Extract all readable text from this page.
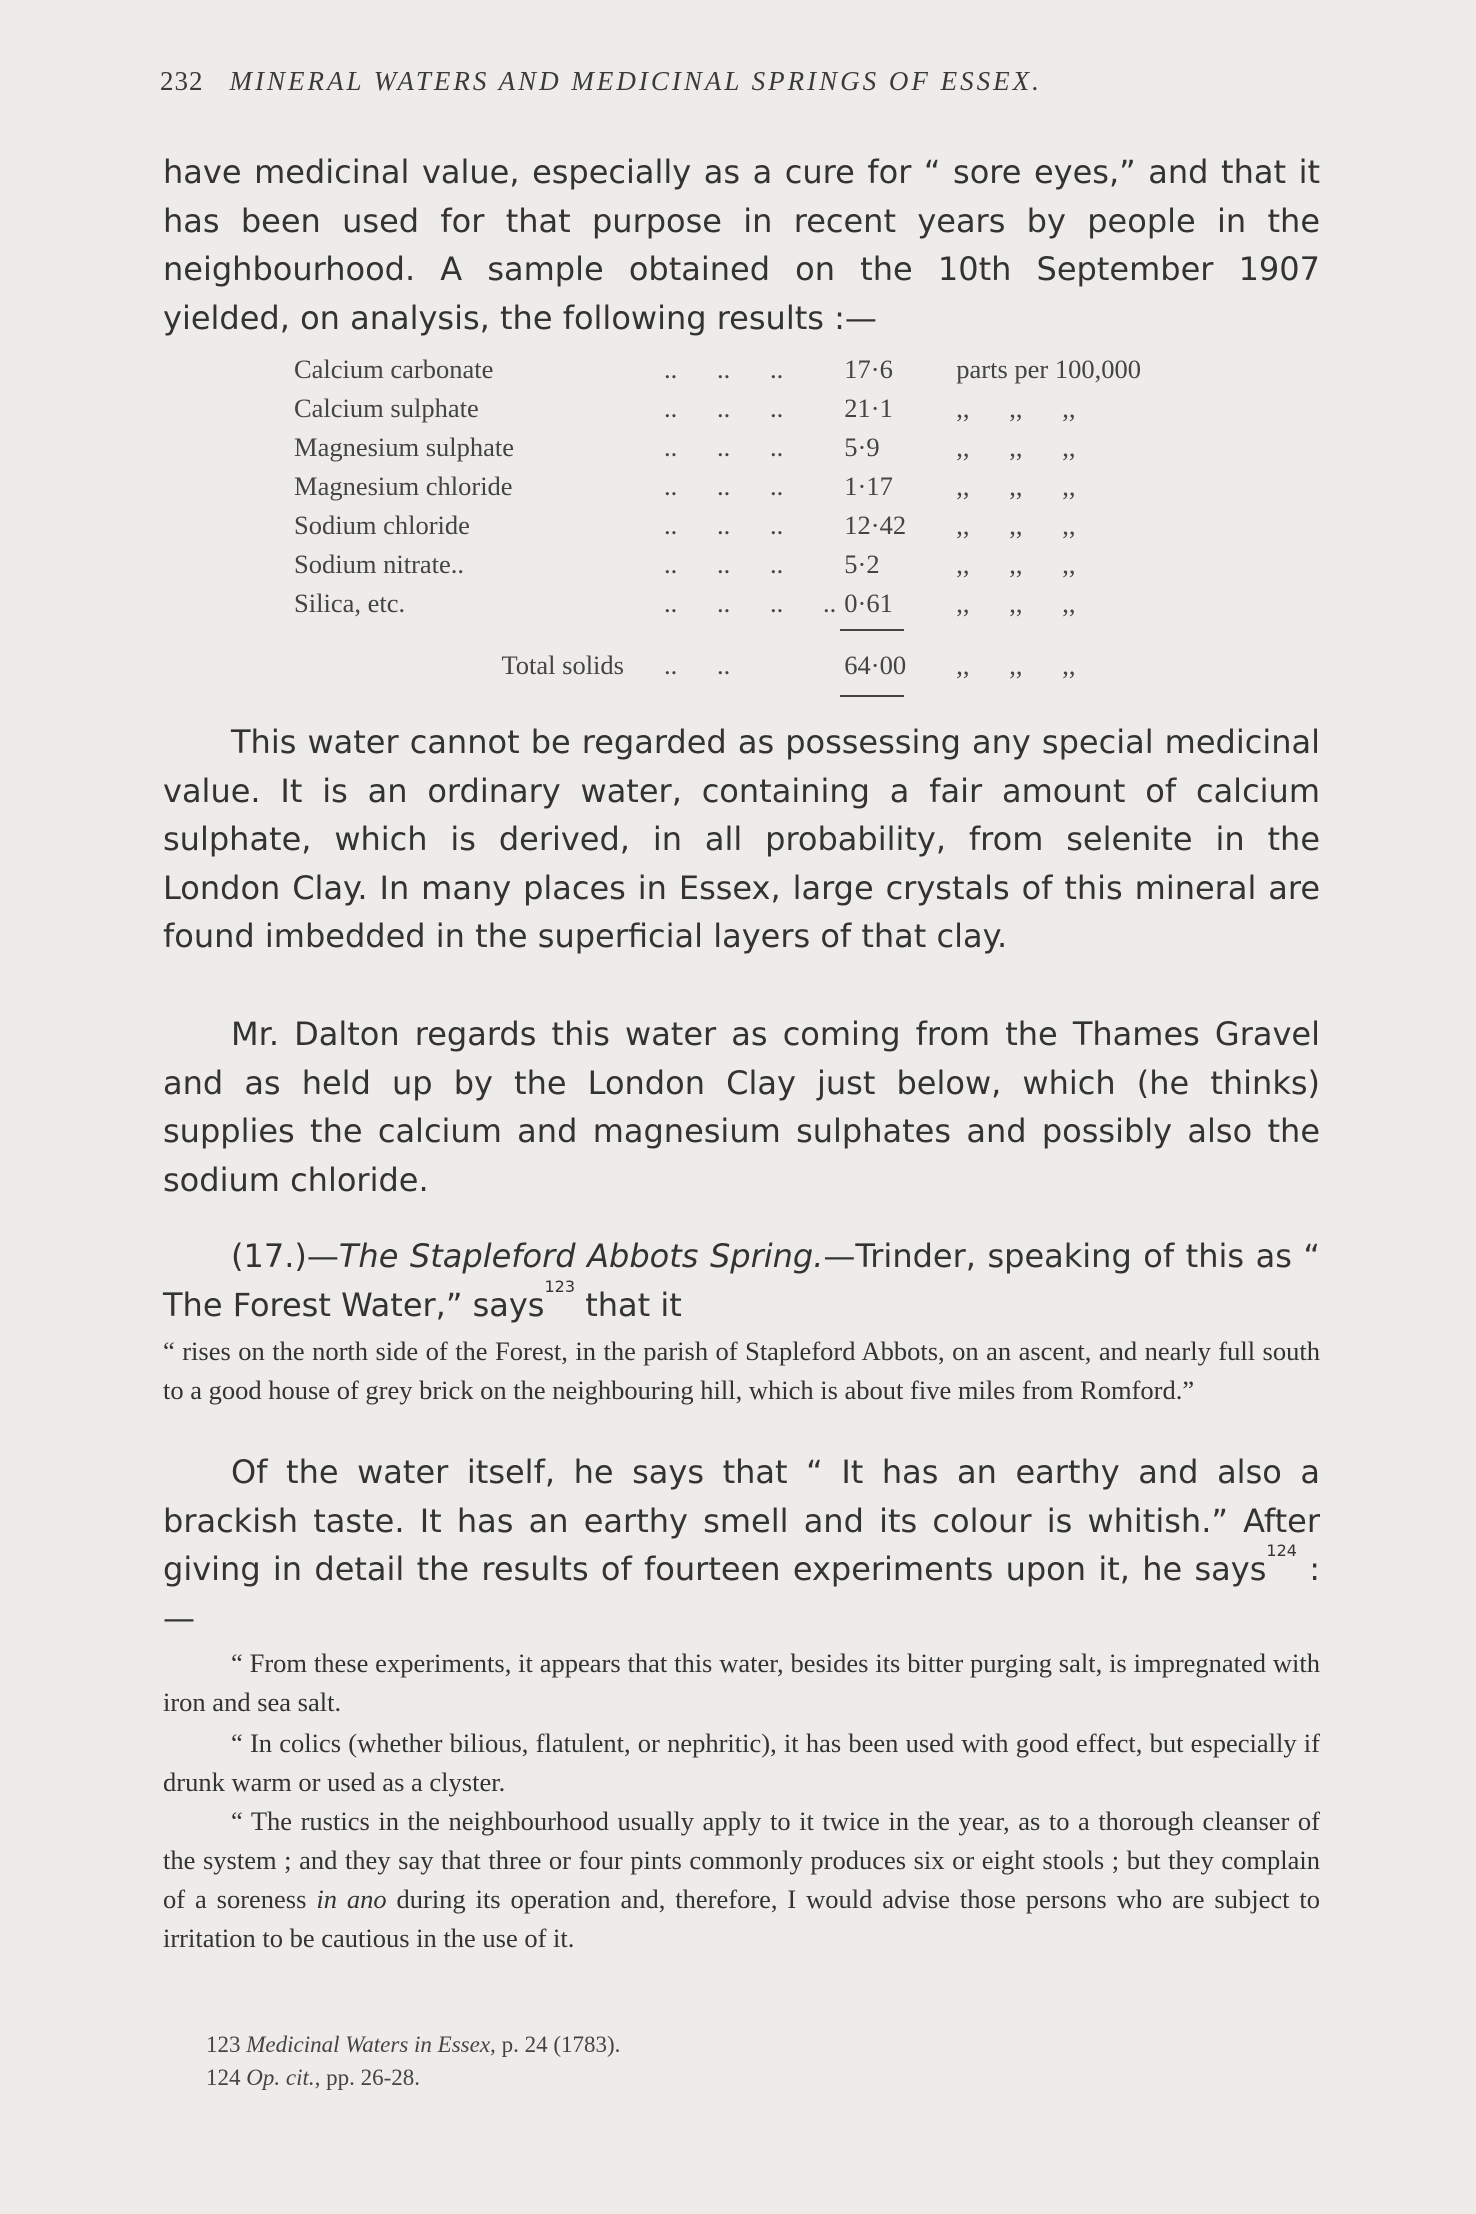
232 MINERAL WATERS AND MEDICINAL SPRINGS OF ESSEX.

have medicinal value, especially as a cure for “ sore eyes,” and that it has been used for that purpose in recent years by people in the neighbourhood. A sample obtained on the 10th September 1907 yielded, on analysis, the following results :—

Calcium carbonate	..      ..      ..	17·6	parts per 100,000
Calcium sulphate	..      ..      ..	21·1	,,      ,,      ,,
Magnesium sulphate	..      ..      ..	5·9	,,      ,,      ,,
Magnesium chloride	..      ..      ..	1·17	,,      ,,      ,,
Sodium chloride	..      ..      ..	12·42	,,      ,,      ,,
Sodium nitrate..	..      ..      ..	5·2	,,      ,,      ,,
Silica, etc.	..      ..      ..      ..	0·61	,,      ,,      ,,
Total solids	..      ..	64·00	,,      ,,      ,,

This water cannot be regarded as possessing any special medicinal value. It is an ordinary water, containing a fair amount of calcium sulphate, which is derived, in all probability, from selenite in the London Clay. In many places in Essex, large crystals of this mineral are found imbedded in the superficial layers of that clay.

Mr. Dalton regards this water as coming from the Thames Gravel and as held up by the London Clay just below, which (he thinks) supplies the calcium and magnesium sulphates and possibly also the sodium chloride.

(17.)—The Stapleford Abbots Spring.—Trinder, speaking of this as “ The Forest Water,” says$^{123}$ that it

“ rises on the north side of the Forest, in the parish of Stapleford Abbots, on an ascent, and nearly full south to a good house of grey brick on the neighbouring hill, which is about five miles from Romford.”

Of the water itself, he says that “ It has an earthy and also a brackish taste. It has an earthy smell and its colour is whitish.” After giving in detail the results of fourteen experiments upon it, he says$^{124}$ :—

“ From these experiments, it appears that this water, besides its bitter purging salt, is impregnated with iron and sea salt.

“ In colics (whether bilious, flatulent, or nephritic), it has been used with good effect, but especially if drunk warm or used as a clyster.

“ The rustics in the neighbourhood usually apply to it twice in the year, as to a thorough cleanser of the system ; and they say that three or four pints commonly produces six or eight stools ; but they complain of a soreness in ano during its operation and, therefore, I would advise those persons who are subject to irritation to be cautious in the use of it.

123 Medicinal Waters in Essex, p. 24 (1783).
124 Op. cit., pp. 26-28.
